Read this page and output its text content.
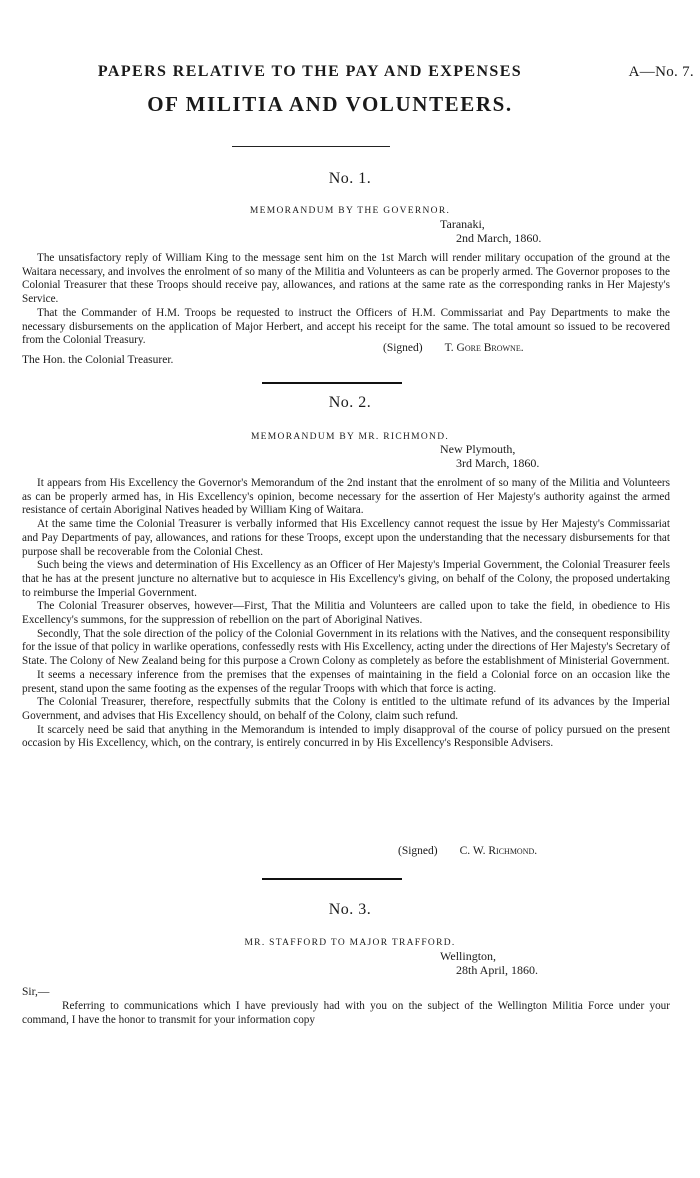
A—No. 7.
PAPERS RELATIVE TO THE PAY AND EXPENSES
OF MILITIA AND VOLUNTEERS.
No. 1.
MEMORANDUM BY THE GOVERNOR.
Taranaki,
2nd March, 1860.

The unsatisfactory reply of William King to the message sent him on the 1st March will render military occupation of the ground at the Waitara necessary, and involves the enrolment of so many of the Militia and Volunteers as can be properly armed. The Governor proposes to the Colonial Treasurer that these Troops should receive pay, allowances, and rations at the same rate as the corresponding ranks in Her Majesty's Service.

That the Commander of H.M. Troops be requested to instruct the Officers of H.M. Commissariat and Pay Departments to make the necessary disbursements on the application of Major Herbert, and accept his receipt for the same. The total amount so issued to be recovered from the Colonial Treasury.

(Signed) T. Gore Browne.
The Hon. the Colonial Treasurer.
No. 2.
MEMORANDUM BY MR. RICHMOND.
New Plymouth,
3rd March, 1860.

It appears from His Excellency the Governor's Memorandum of the 2nd instant that the enrolment of so many of the Militia and Volunteers as can be properly armed has, in His Excellency's opinion, become necessary for the assertion of Her Majesty's authority against the armed resistance of certain Aboriginal Natives headed by William King of Waitara.

At the same time the Colonial Treasurer is verbally informed that His Excellency cannot request the issue by Her Majesty's Commissariat and Pay Departments of pay, allowances, and rations for these Troops, except upon the understanding that the necessary disbursements for that purpose shall be recoverable from the Colonial Chest.

Such being the views and determination of His Excellency as an Officer of Her Majesty's Imperial Government, the Colonial Treasurer feels that he has at the present juncture no alternative but to acquiesce in His Excellency's giving, on behalf of the Colony, the proposed undertaking to reimburse the Imperial Government.

The Colonial Treasurer observes, however—First, That the Militia and Volunteers are called upon to take the field, in obedience to His Excellency's summons, for the suppression of rebellion on the part of Aboriginal Natives.

Secondly, That the sole direction of the policy of the Colonial Government in its relations with the Natives, and the consequent responsibility for the issue of that policy in warlike operations, confessedly rests with His Excellency, acting under the directions of Her Majesty's Secretary of State. The Colony of New Zealand being for this purpose a Crown Colony as completely as before the establishment of Ministerial Government.

It seems a necessary inference from the premises that the expenses of maintaining in the field a Colonial force on an occasion like the present, stand upon the same footing as the expenses of the regular Troops with which that force is acting.

The Colonial Treasurer, therefore, respectfully submits that the Colony is entitled to the ultimate refund of its advances by the Imperial Government, and advises that His Excellency should, on behalf of the Colony, claim such refund.

It scarcely need be said that anything in the Memorandum is intended to imply disapproval of the course of policy pursued on the present occasion by His Excellency, which, on the contrary, is entirely concurred in by His Excellency's Responsible Advisers.

(Signed) C. W. Richmond.
No. 3.
MR. STAFFORD TO MAJOR TRAFFORD.
Wellington,
28th April, 1860.
Sir,—

Referring to communications which I have previously had with you on the subject of the Wellington Militia Force under your command, I have the honor to transmit for your information copy
